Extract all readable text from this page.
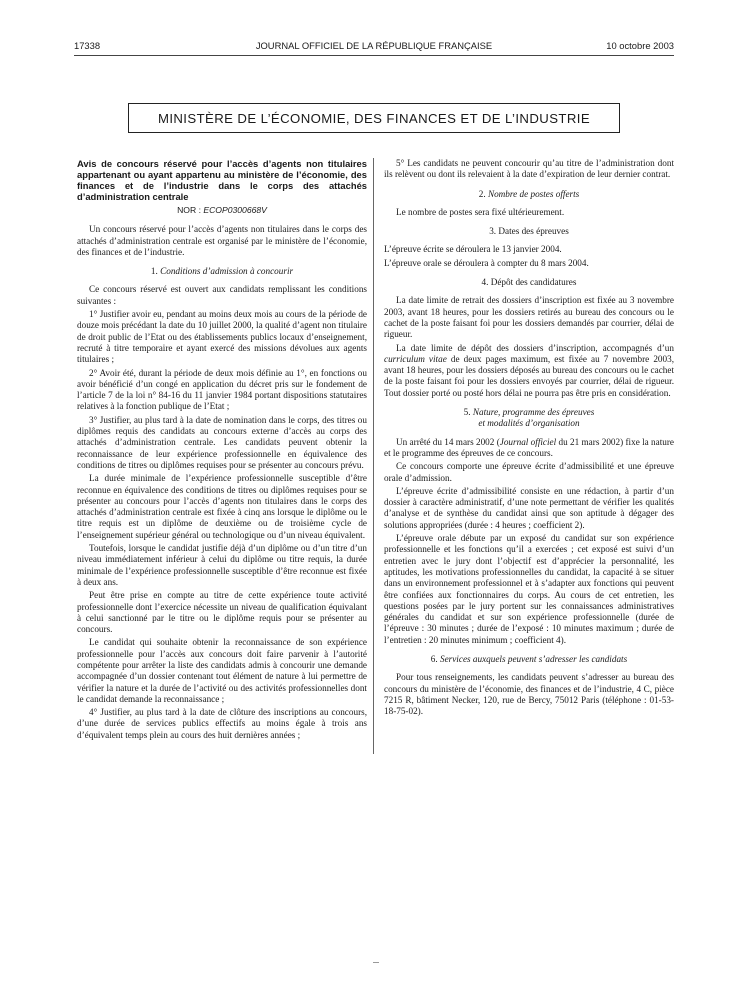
17338	JOURNAL OFFICIEL DE LA RÉPUBLIQUE FRANÇAISE	10 octobre 2003
MINISTÈRE DE L’ÉCONOMIE, DES FINANCES ET DE L’INDUSTRIE

Avis de concours réservé pour l’accès d’agents non titulaires appartenant ou ayant appartenu au ministère de l’économie, des finances et de l’industrie dans le corps des attachés d’administration centrale

NOR : ECOP0300668V

Un concours réservé pour l’accès d’agents non titulaires dans le corps des attachés d’administration centrale est organisé par le ministère de l’économie, des finances et de l’industrie.

1. Conditions d’admission à concourir

Ce concours réservé est ouvert aux candidats remplissant les conditions suivantes :

1° Justifier avoir eu, pendant au moins deux mois au cours de la période de douze mois précédant la date du 10 juillet 2000, la qualité d’agent non titulaire de droit public de l’Etat ou des établissements publics locaux d’enseignement, recruté à titre temporaire et ayant exercé des missions dévolues aux agents titulaires ;

2° Avoir été, durant la période de deux mois définie au 1°, en fonctions ou avoir bénéficié d’un congé en application du décret pris sur le fondement de l’article 7 de la loi n° 84-16 du 11 janvier 1984 portant dispositions statutaires relatives à la fonction publique de l’Etat ;

3° Justifier, au plus tard à la date de nomination dans le corps, des titres ou diplômes requis des candidats au concours externe d’accès au corps des attachés d’administration centrale. Les candidats peuvent obtenir la reconnaissance de leur expérience professionnelle en équivalence des conditions de titres ou diplômes requises pour se présenter au concours prévu.

La durée minimale de l’expérience professionnelle susceptible d’être reconnue en équivalence des conditions de titres ou diplômes requises pour se présenter au concours pour l’accès d’agents non titulaires dans le corps des attachés d’administration centrale est fixée à cinq ans lorsque le diplôme ou le titre requis est un diplôme de deuxième ou de troisième cycle de l’enseignement supérieur général ou technologique ou d’un niveau équivalent.

Toutefois, lorsque le candidat justifie déjà d’un diplôme ou d’un titre d’un niveau immédiatement inférieur à celui du diplôme ou titre requis, la durée minimale de l’expérience professionnelle susceptible d’être reconnue est fixée à deux ans.

Peut être prise en compte au titre de cette expérience toute activité professionnelle dont l’exercice nécessite un niveau de qualification équivalant à celui sanctionné par le titre ou le diplôme requis pour se présenter au concours.

Le candidat qui souhaite obtenir la reconnaissance de son expérience professionnelle pour l’accès aux concours doit faire parvenir à l’autorité compétente pour arrêter la liste des candidats admis à concourir une demande accompagnée d’un dossier contenant tout élément de nature à lui permettre de vérifier la nature et la durée de l’activité ou des activités professionnelles dont le candidat demande la reconnaissance ;

4° Justifier, au plus tard à la date de clôture des inscriptions au concours, d’une durée de services publics effectifs au moins égale à trois ans d’équivalent temps plein au cours des huit dernières années ;

5° Les candidats ne peuvent concourir qu’au titre de l’administration dont ils relèvent ou dont ils relevaient à la date d’expiration de leur dernier contrat.

2. Nombre de postes offerts

Le nombre de postes sera fixé ultérieurement.

3. Dates des épreuves

L’épreuve écrite se déroulera le 13 janvier 2004.

L’épreuve orale se déroulera à compter du 8 mars 2004.

4. Dépôt des candidatures

La date limite de retrait des dossiers d’inscription est fixée au 3 novembre 2003, avant 18 heures, pour les dossiers retirés au bureau des concours ou le cachet de la poste faisant foi pour les dossiers demandés par courrier, délai de rigueur.

La date limite de dépôt des dossiers d’inscription, accompagnés d’un curriculum vitae de deux pages maximum, est fixée au 7 novembre 2003, avant 18 heures, pour les dossiers déposés au bureau des concours ou le cachet de la poste faisant foi pour les dossiers envoyés par courrier, délai de rigueur. Tout dossier porté ou posté hors délai ne pourra pas être pris en considération.

5. Nature, programme des épreuves
et modalités d’organisation

Un arrêté du 14 mars 2002 (Journal officiel du 21 mars 2002) fixe la nature et le programme des épreuves de ce concours.

Ce concours comporte une épreuve écrite d’admissibilité et une épreuve orale d’admission.

L’épreuve écrite d’admissibilité consiste en une rédaction, à partir d’un dossier à caractère administratif, d’une note permettant de vérifier les qualités d’analyse et de synthèse du candidat ainsi que son aptitude à dégager des solutions appropriées (durée : 4 heures ; coefficient 2).

L’épreuve orale débute par un exposé du candidat sur son expérience professionnelle et les fonctions qu’il a exercées ; cet exposé est suivi d’un entretien avec le jury dont l’objectif est d’apprécier la personnalité, les aptitudes, les motivations professionnelles du candidat, la capacité à se situer dans un environnement professionnel et à s’adapter aux fonctions qui peuvent être confiées aux fonctionnaires du corps. Au cours de cet entretien, les questions posées par le jury portent sur les connaissances administratives générales du candidat et sur son expérience professionnelle (durée de l’épreuve : 30 minutes ; durée de l’exposé : 10 minutes maximum ; durée de l’entretien : 20 minutes minimum ; coefficient 4).

6. Services auxquels peuvent s’adresser les candidats

Pour tous renseignements, les candidats peuvent s’adresser au bureau des concours du ministère de l’économie, des finances et de l’industrie, 4 C, pièce 7215 R, bâtiment Necker, 120, rue de Bercy, 75012 Paris (téléphone : 01-53-18-75-02).
